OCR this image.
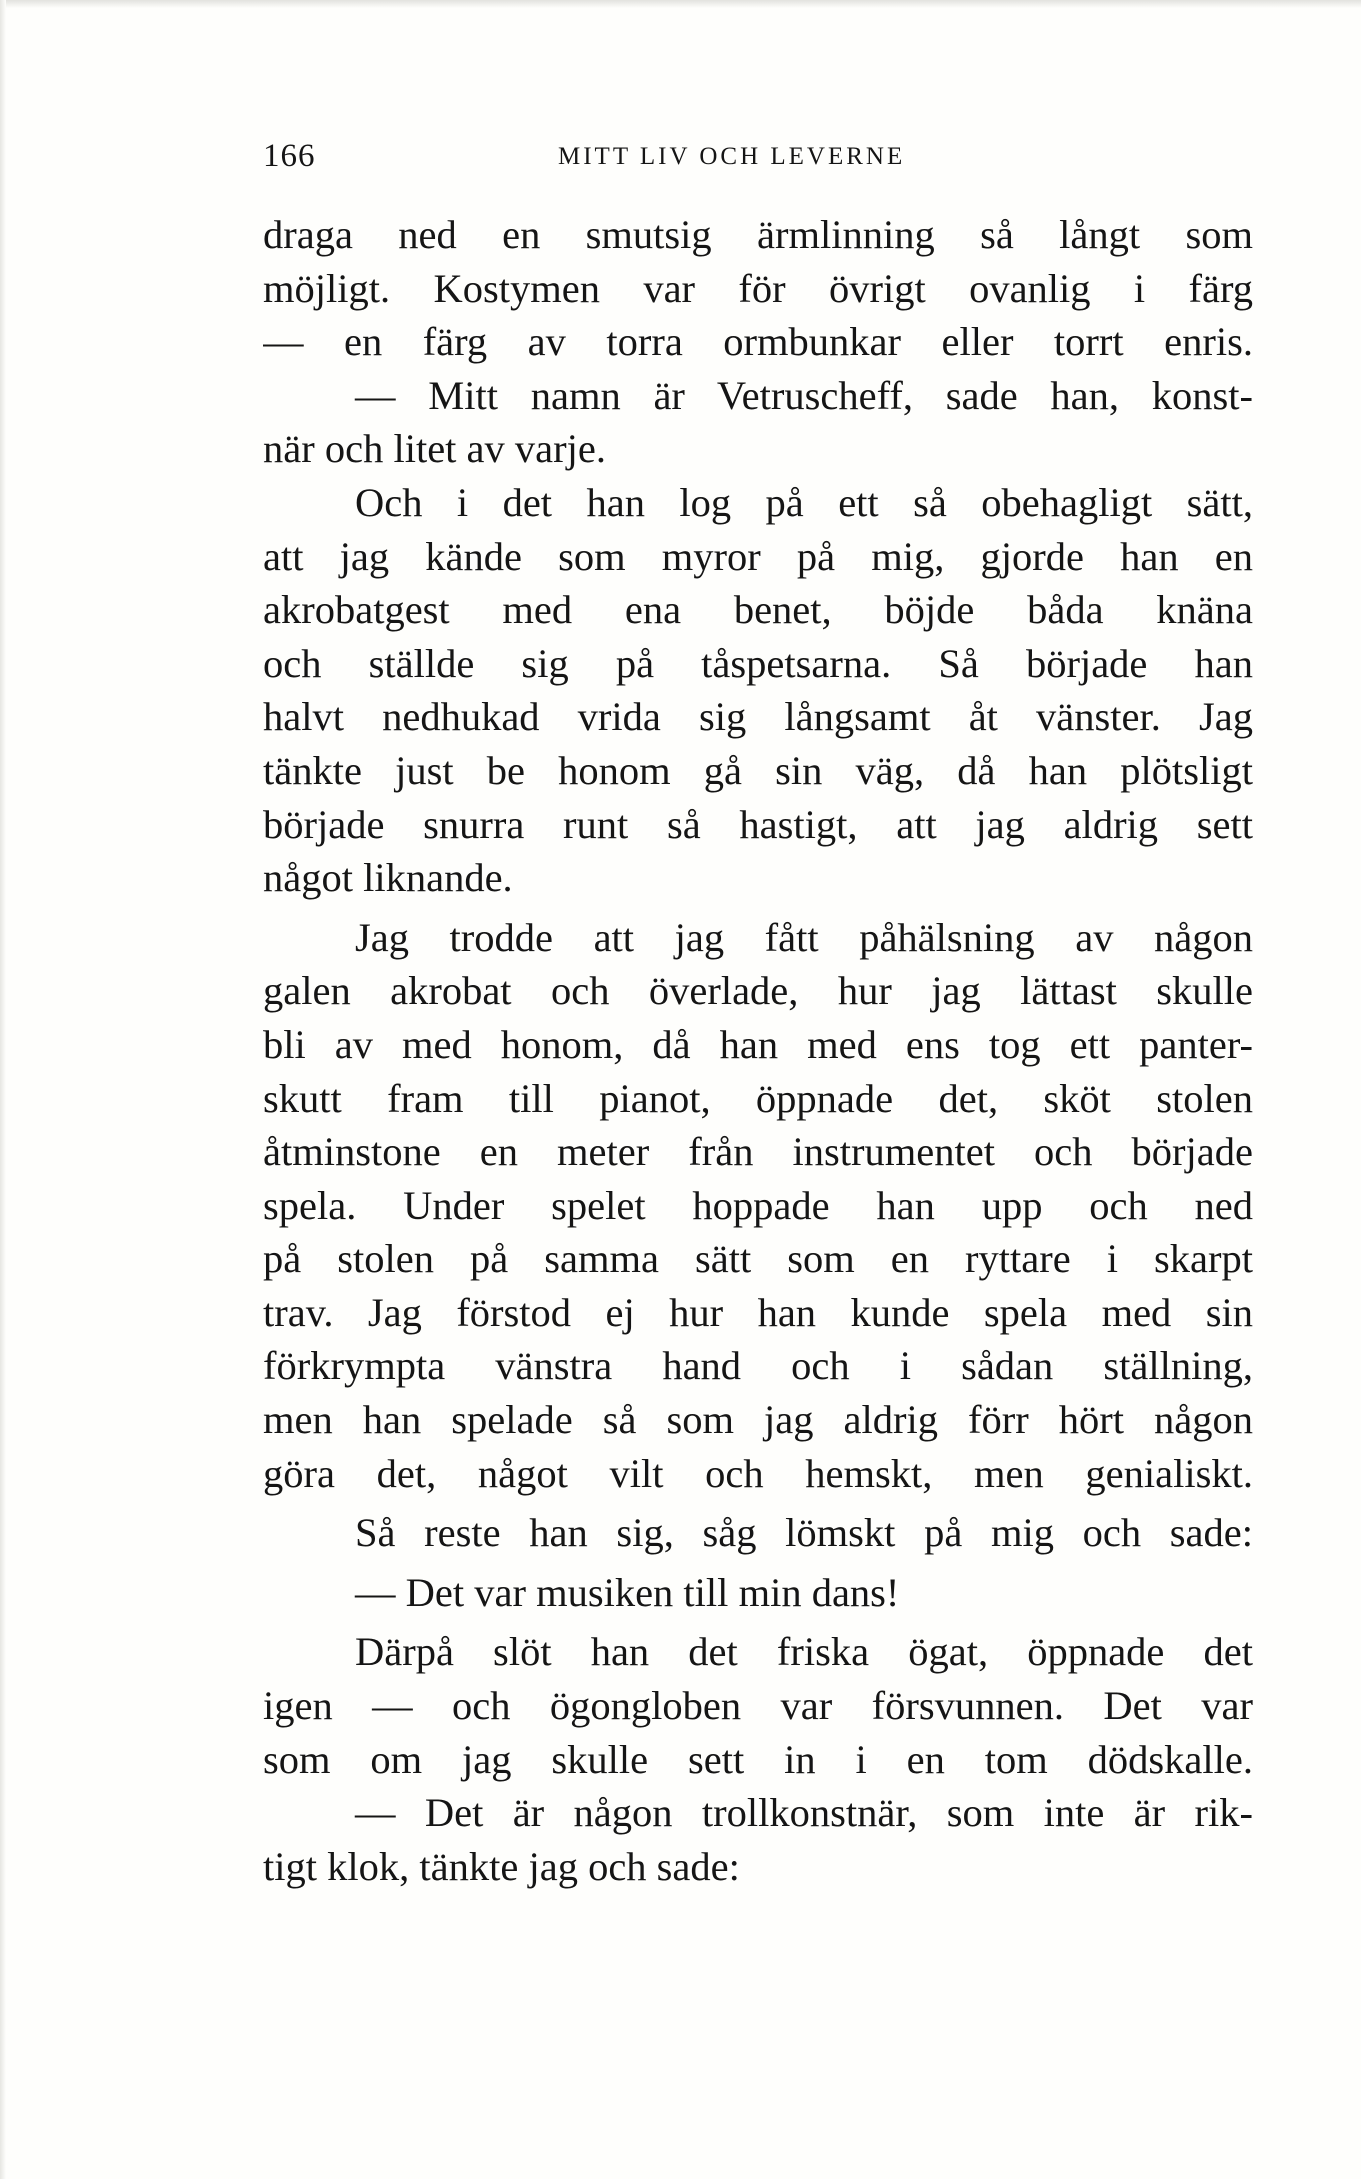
166	MITT LIV OCH LEVERNE
draga ned en smutsig ärmlinning så långt som
möjligt. Kostymen var för övrigt ovanlig i färg
— en färg av torra ormbunkar eller torrt enris.
— Mitt namn är Vetruscheff, sade han, konst-
när och litet av varje.
Och i det han log på ett så obehagligt sätt,
att jag kände som myror på mig, gjorde han en
akrobatgest med ena benet, böjde båda knäna
och ställde sig på tåspetsarna. Så började han
halvt nedhukad vrida sig långsamt åt vänster. Jag
tänkte just be honom gå sin väg, då han plötsligt
började snurra runt så hastigt, att jag aldrig sett
något liknande.
Jag trodde att jag fått påhälsning av någon
galen akrobat och överlade, hur jag lättast skulle
bli av med honom, då han med ens tog ett panter-
skutt fram till pianot, öppnade det, sköt stolen
åtminstone en meter från instrumentet och började
spela. Under spelet hoppade han upp och ned
på stolen på samma sätt som en ryttare i skarpt
trav. Jag förstod ej hur han kunde spela med sin
förkrympta vänstra hand och i sådan ställning,
men han spelade så som jag aldrig förr hört någon
göra det, något vilt och hemskt, men genialiskt.
Så reste han sig, såg lömskt på mig och sade:
— Det var musiken till min dans!
Därpå slöt han det friska ögat, öppnade det
igen — och ögongloben var försvunnen. Det var
som om jag skulle sett in i en tom dödskalle.
— Det är någon trollkonstnär, som inte är rik-
tigt klok, tänkte jag och sade:
